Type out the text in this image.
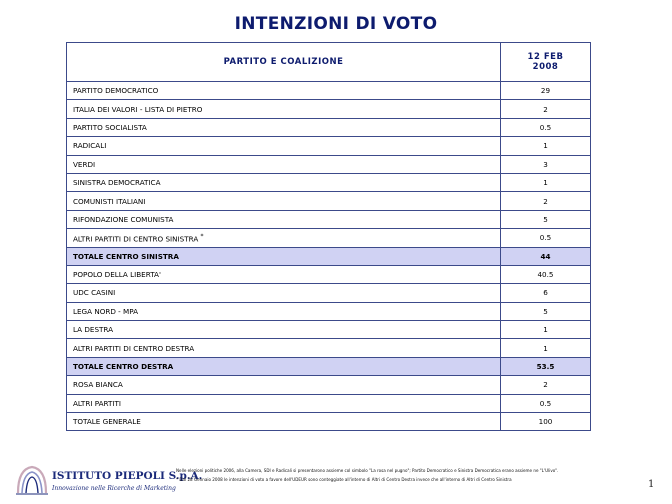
INTENZIONI DI VOTO
PARTITO E COALIZIONE	12 FEB
2008

PARTITO DEMOCRATICO	29
ITALIA DEI VALORI - LISTA DI PIETRO	2
PARTITO SOCIALISTA	0.5
RADICALI	1
VERDI	3
SINISTRA DEMOCRATICA	1
COMUNISTI ITALIANI	2
RIFONDAZIONE COMUNISTA	5
ALTRI PARTITI DI CENTRO SINISTRA *	0.5
TOTALE CENTRO SINISTRA	44
POPOLO DELLA LIBERTA'	40.5
UDC CASINI	6
LEGA NORD - MPA	5
LA DESTRA	1
ALTRI PARTITI DI CENTRO DESTRA	1
TOTALE CENTRO DESTRA	53.5
ROSA BIANCA	2
ALTRI PARTITI	0.5
TOTALE GENERALE	100
ISTITUTO PIEPOLI S.p.A.
Innovazione nelle Ricerche di Marketing

Nelle elezioni politiche 2006, alla Camera, SDI e Radicali si presentarono assieme col simbolo "La rosa nel pugno"; Partito Democratico e Sinistra Democratica erano assieme ne "L'Ulivo".

* Dal 28 Gennaio 2008 le intenzioni di voto a favore dell'UDEUR sono conteggiate all'interno di Altri di Centro Destra invece che all'interno di Altri di Centro Sinistra	1
